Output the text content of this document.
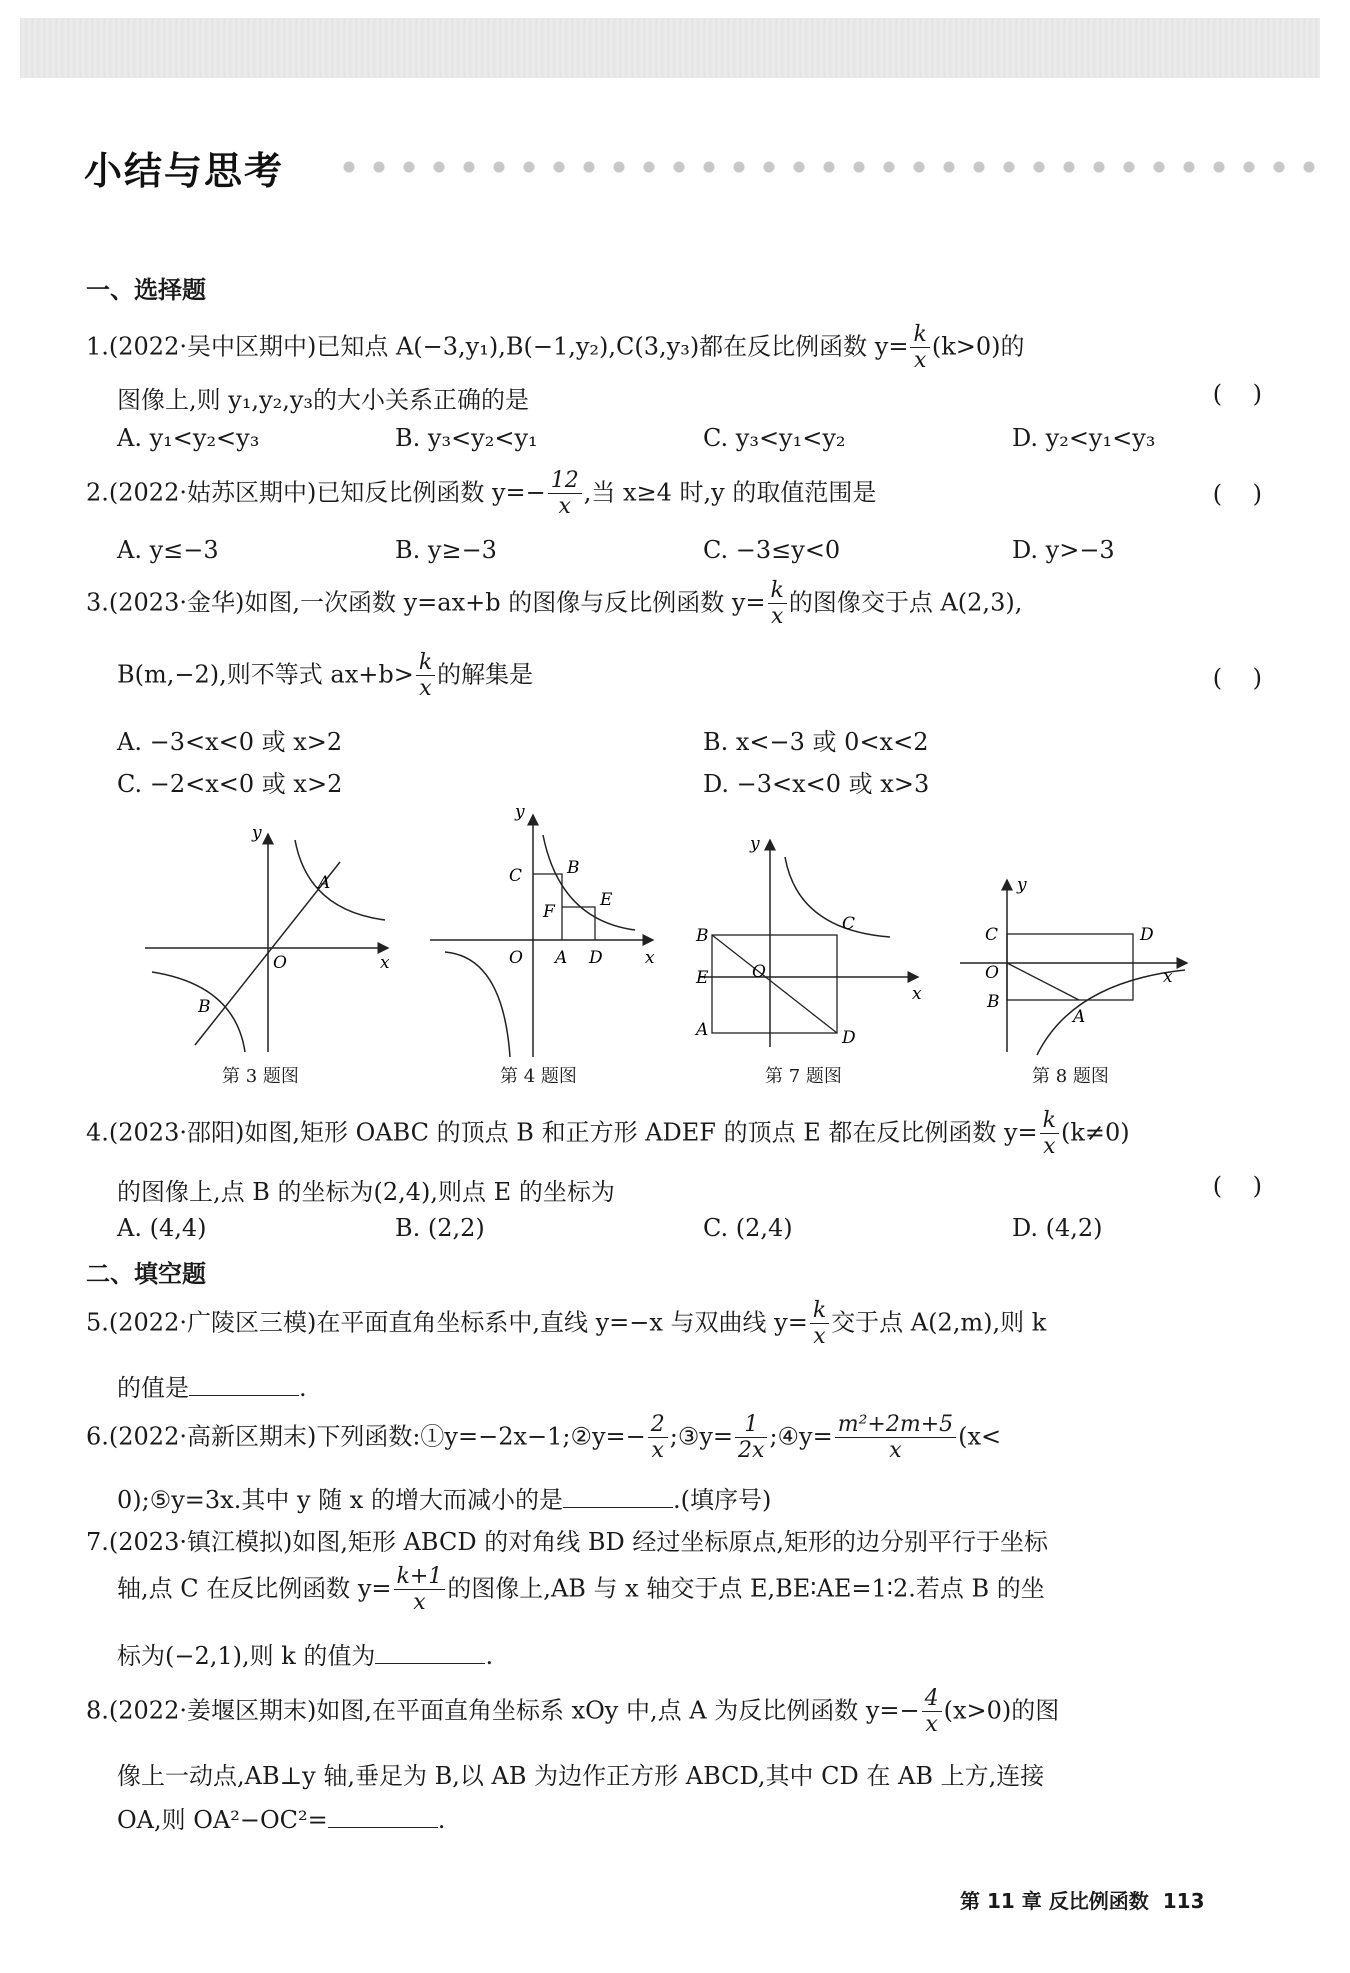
小结与思考
一、选择题
1.(2022·吴中区期中)已知点 A(−3,y₁),B(−1,y₂),C(3,y₃)都在反比例函数 $y= \frac{k}{x} (k>0)$的
图像上,则 y₁,y₂,y₃的大小关系正确的是	(    )
A. y₁<y₂<y₃	B. y₃<y₂<y₁	C. y₃<y₁<y₂	D. y₂<y₁<y₃
2.(2022·姑苏区期中)已知反比例函数 $y=- \frac{12}{x}$ ,当 x≥4 时,y 的取值范围是	(    )
A. y≤−3	B. y≥−3	C. −3≤y<0	D. y>−3
3.(2023·金华)如图,一次函数 y=ax+b 的图像与反比例函数 $y= \frac{k}{x}$ 的图像交于点 A(2,3),
B(m,−2),则不等式 $ax+b> \frac{k}{x}$ 的解集是	(    )
A. −3<x<0 或 x>2	B. x<−3 或 0<x<2
C. −2<x<0 或 x>2	D. −3<x<0 或 x>3
y
x
O
A
B
第 3 题图
y
x
O A
B
C
D
E
F
第 4 题图
y
x
O
A
B
C
D
E
第 7 题图
y
x
O
A
B
C	D
第 8 题图
4.(2023·邵阳)如图,矩形 OABC 的顶点 B 和正方形 ADEF 的顶点 E 都在反比例函数 $y= \frac{k}{x} (k\ne 0)$
的图像上,点 B 的坐标为(2,4),则点 E 的坐标为	(    )
A. (4,4)	B. (2,2)	C. (2,4)	D. (4,2)
二、填空题
5.(2022·广陵区三模)在平面直角坐标系中,直线 y=−x 与双曲线 $y= \frac{k}{x}$ 交于点 A(2,m),则 k
的值是	.
6.(2022·高新区期末)下列函数:①y=−2x−1;②y=− $\frac{2}{x}$ ;③y= $\frac{1}{2x}$ ;④y= $\frac{\text{m²+2m+5}}{x} (x<$
0);⑤y=3x.其中 y 随 x 的增大而减小的是	.(填序号)
7.(2023·镇江模拟)如图,矩形 ABCD 的对角线 BD 经过坐标原点,矩形的边分别平行于坐标
轴,点 C 在反比例函数 $y= \frac{k+1}{x}$ 的图像上,AB 与 x 轴交于点 E,BE∶AE=1∶2.若点 B 的坐
标为(−2,1),则 k 的值为	.
8.(2022·姜堰区期末)如图,在平面直角坐标系 xOy 中,点 A 为反比例函数 $y=- \frac{4}{x} (x>0)$的图
像上一动点,AB⊥y 轴,垂足为 B,以 AB 为边作正方形 ABCD,其中 CD 在 AB 上方,连接
OA,则 OA²−OC²=	.
第 11 章 反比例函数 113
